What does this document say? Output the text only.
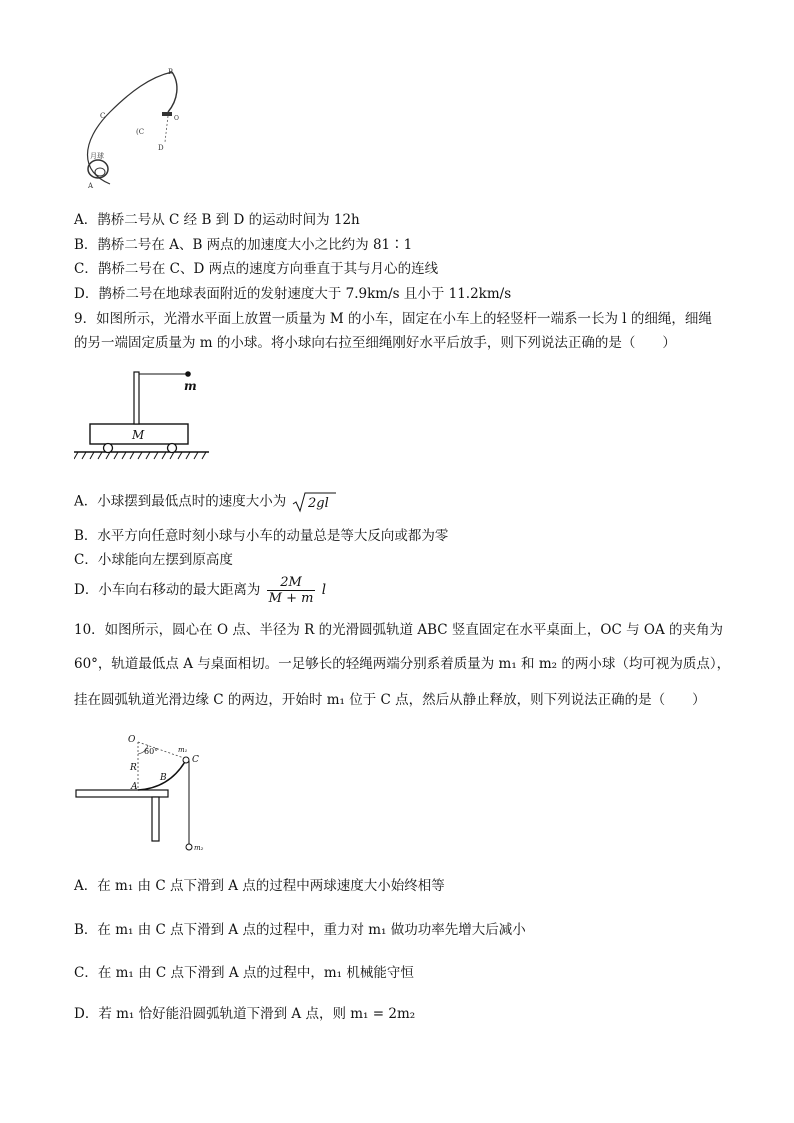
月球
B
(C
D
A
C	O
A．鹊桥二号从 C 经 B 到 D 的运动时间为 12h
B．鹊桥二号在 A、B 两点的加速度大小之比约为 81∶1
C．鹊桥二号在 C、D 两点的速度方向垂直于其与月心的连线
D．鹊桥二号在地球表面附近的发射速度大于 7.9km/s 且小于 11.2km/s
9．如图所示，光滑水平面上放置一质量为 M 的小车，固定在小车上的轻竖杆一端系一长为 l 的细绳，细绳
的另一端固定质量为 m 的小球。将小球向右拉至细绳刚好水平后放手，则下列说法正确的是（　　）
m
M
A．小球摆到最低点时的速度大小为 2gl
B．水平方向任意时刻小球与小车的动量总是等大反向或都为零
C．小球能向左摆到原高度
D．小车向右移动的最大距离为 $\frac{2M}{M + m}$ l
10．如图所示，圆心在 O 点、半径为 R 的光滑圆弧轨道 ABC 竖直固定在水平桌面上，OC 与 OA 的夹角为
60°，轨道最低点 A 与桌面相切。一足够长的轻绳两端分别系着质量为 m₁ 和 m₂ 的两小球（均可视为质点），
挂在圆弧轨道光滑边缘 C 的两边，开始时 m₁ 位于 C 点，然后从静止释放，则下列说法正确的是（　　）
O
60°
R
B
A
C
m₁
m₂
A．在 m₁ 由 C 点下滑到 A 点的过程中两球速度大小始终相等
B．在 m₁ 由 C 点下滑到 A 点的过程中，重力对 m₁ 做功功率先增大后减小
C．在 m₁ 由 C 点下滑到 A 点的过程中，m₁ 机械能守恒
D．若 m₁ 恰好能沿圆弧轨道下滑到 A 点，则 m₁ = 2m₂
